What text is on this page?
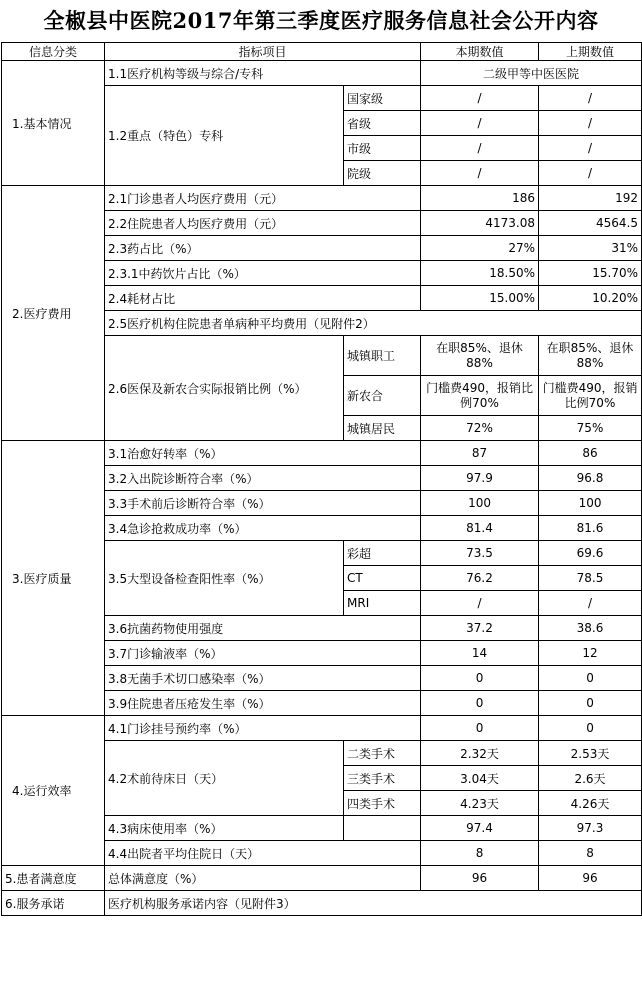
全椒县中医院2017年第三季度医疗服务信息社会公开内容
信息分类	指标项目		本期数值	上期数值
1.基本情况	1.1医疗机构等级与综合/专科		二级甲等中医医院	
	1.2重点（特色）专科	国家级	/	/
		省级	/	/
		市级	/	/
		院级	/	/
2.医疗费用	2.1门诊患者人均医疗费用（元）		186	192
	2.2住院患者人均医疗费用（元）		4173.08	4564.5
	2.3药占比（%）		27%	31%
	2.3.1中药饮片占比（%）		18.50%	15.70%
	2.4耗材占比		15.00%	10.20%
	2.5医疗机构住院患者单病种平均费用（见附件2）			
	2.6医保及新农合实际报销比例（%）	城镇职工	在职85%、退休88%	在职85%、退休88%
		新农合	门槛费490，报销比例70%	门槛费490，报销比例70%
		城镇居民	72%	75%
3.医疗质量	3.1治愈好转率（%）		87	86
	3.2入出院诊断符合率（%）		97.9	96.8
	3.3手术前后诊断符合率（%）		100	100
	3.4急诊抢救成功率（%）		81.4	81.6
	3.5大型设备检查阳性率（%）	彩超	73.5	69.6
		CT	76.2	78.5
		MRI	/	/
	3.6抗菌药物使用强度		37.2	38.6
	3.7门诊输液率（%）		14	12
	3.8无菌手术切口感染率（%）		0	0
	3.9住院患者压疮发生率（%）		0	0
4.运行效率	4.1门诊挂号预约率（%）		0	0
	4.2术前待床日（天）	二类手术	2.32天	2.53天
		三类手术	3.04天	2.6天
		四类手术	4.23天	4.26天
	4.3病床使用率（%）		97.4	97.3
	4.4出院者平均住院日（天）		8	8
5.患者满意度	总体满意度（%）		96	96
6.服务承诺	医疗机构服务承诺内容（见附件3）			
